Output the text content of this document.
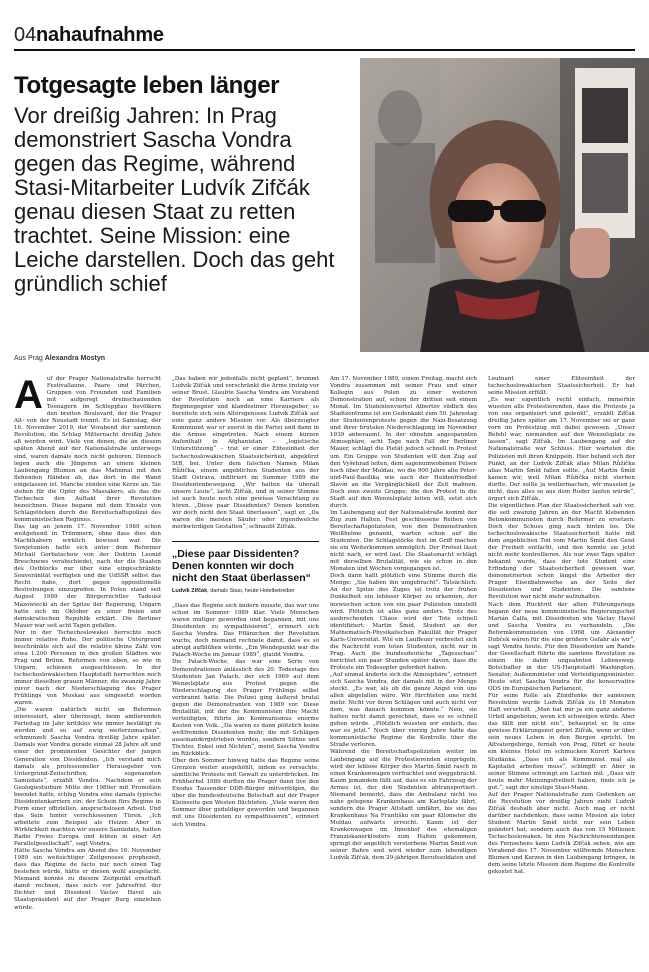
04 nahaufnahme
Totgesagte leben länger

Vor dreißig Jahren: In Prag demonstriert Sascha Vondra gegen das Regime, während Stasi-Mitarbeiter Ludvík Zifčák genau diesen Staat zu retten trachtet. Seine Mission: eine Leiche darstellen. Doch das geht gründlich schief

Aus Prag Alexandra Mostyn
A uf der Prager Nationalstraße herrscht Festivallaune. Paare und Pärchen, Gruppen von Freunden und Familien mit aufgeregt dreinschauenden Teenagern im Schlepptau bevölkern den breiten Boulevard, der die Prager Alt- von der Neustadt trennt. Es ist Samstag, der 16. November 2019, der Vorabend der samtenen Revolution, die Schlag Mitternacht dreißig Jahre alt werden wird. Viele von denen, die an diesem späten Abend auf der Nationalstraße unterwegs sind, waren damals noch nicht geboren. Dennoch legen auch die Jüngeren an einem kleinen Laubengang Blumen an das Mahnmal mit den flehenden Händen ab, das dort in die Wand eingelassen ist. Manche zünden eine Kerze an. Sie stehen für die Opfer des Massakers, als das die Tschechen den Auftakt ihrer Revolution bezeichnen. Diese begann mit dem Einsatz von Schlagstöcken durch die Bereitschaftspolizei des kommunistischen Regimes.

Das lag an jenem 17. November 1989 schon weitgehend in Trümmern, ohne dass dies den Machthabern wirklich bewusst war. Die Sowjetunion hatte sich unter dem Reformer Michail Gorbatschow von der Doktrin Leonid Breschnews verabschiedet, nach der die Staaten des Ostblocks nur über eine eingeschränkte Souveränität verfügten und die UdSSR selbst das Recht habe, dort gegen oppositionelle Bestrebungen einzugreifen. In Polen stand seit August 1989 der Bürgerrechtler Tadeusz Mazowiecki an der Spitze der Regierung, Ungarn hatte sich im Oktober zu einer freien und demokratischen Republik erklärt. Die Berliner Mauer war seit acht Tagen gefallen.

Nur in der Tschechoslowakei herrschte noch immer relative Ruhe. Der politische Untergrund beschränkte sich auf die relative kleine Zahl von etwa 1.200 Personen in den großen Städten wie Prag und Brünn. Reformen von oben, so wie in Ungarn, schienen ausgeschlossen. In der tschechoslowakischen Hauptstadt herrschten noch immer dieselben grauen Männer, die zwanzig Jahre zuvor nach der Niederschlagung des Prager Frühlings von Moskau aus eingesetzt worden waren.

„Die waren natürlich nicht an Reformen interessiert, aber überzeugt, beim amtierenden Parteitag im Jahr kritiklos wie immer bestätigt zu werden und so auf ewig weiterzumachen“, schmunzelt Sascha Vondra dreißig Jahre später. Damals war Vondra gerade einmal 28 Jahre alt und einer der prominenten Gesichter der jungen Generation von Dissidenten. „Ich verstand mich damals als professioneller Herausgeber von Untergrund-Zeitschriften, sogenannten Samizdats“, erzählt Vondra. Nachdem er sein Geologiestudium Mitte der 1980er mit Promotion beendet hatte, schlug Vondra eine damals typische Dissidentenkarriere ein: der Schein fürs Regime in Form einer offiziellen, anspruchslosen Arbeit. Und das Sein hinter verschlossenen Türen. „Ich arbeitete zum Beispiel als Heizer. Aber in Wirklichkeit machten wir unsere Samizdats, hatten Radio Freies Europa und lebten in einer Art Parallelgesellschaft“, sagt Vondra.

Hätte Sascha Vondra am Abend des 16. November 1989 ein weitsichtiger Zeitgenosse prophezeit, dass das Regime de facto nur noch einen Tag bestehen würde, hätte er diesen wohl ausgelacht. Niemand konnte zu diesem Zeitpunkt ernsthaft damit rechnen, dass noch vor Jahresfrist der Dichter und Dissident Václav Havel als Staatspräsident auf der Prager Burg einziehen würde.

„Das haben wir jedenfalls nicht geplant“, brummt Ludvík Zifčák und verschränkt die Arme trotzig vor seiner Brust. Glaubte Sascha Vondra am Vorabend der Revolution noch an eine Karriere als Regimegegner und klandestiner Herausgeber, so bereitete sich sein Altersgenosse Ludvík Zifčák auf eine ganz andere Mission vor. Als überzeugter Kommunist war er zuerst in die Partei und dann in die Armee eingetreten. Nach einem kurzen Aufenthalt in Afghanistan – „logistische Unterstützung“ – trat er einer Eliteeinheit der tschechoslowakischen Staatssicherheit, abgekürzt StB, bei. Unter dem falschen Namen Milan Růžička, einem angeblichen Studenten aus der Stadt Ostrava, infiltriert im Sommer 1989 die Dissidentenbewegung. „Wir hatten da überall unsere Leute“, lacht Zifčák, und in seiner Stimme ist auch heute noch eine gewisse Verachtung zu hören. „Diese paar Dissidenten? Denen konnten wir doch nicht den Staat überlassen“, sagt er. „Da waren die meisten Säufer oder irgendwelche merkwürdigen Gestalten“, schnaubt Zifčák.

„Diese paar Dissidenten? Denen konnten wir doch nicht den Staat überlassen“
Ludvík Zifčák, damals Stasi, heute Hotelbetreiber

„Dass das Regime sich ändern musste, das war uns schon im Sommer 1989 klar. Viele Menschen waren mutiger geworden und begannen, mit uns Dissidenten zu sympathisieren“, erinnert sich Sascha Vondra. Das Pflänzchen der Revolution wuchs, doch niemand rechnete damit, dass es so abrupt aufblühen würde. „Ein Wendepunkt war die Palach-Woche im Januar 1989“, glaubt Vondra.

Die Palach-Woche, das war eine Serie von Demonstrationen anlässlich des 20. Todestags des Studenten Jan Palach, der sich 1969 auf dem Wenzelsplatz aus Protest gegen die Niederschlagung des Prager Frühlings selbst verbrannt hatte. Die Polizei ging äußerst brutal gegen die Demonstranten von 1989 vor. Diese Brutalität, mit der die Kommunisten ihre Macht verteidigten, führte im Kommunismus enorme Kosten von Volk. „Da waren es dann plötzlich keine weltfremden Dissidenten mehr, die mit Schlägen auseinandergetrieben wurden, sondern Söhne und Töchter, Enkel und Nichten“, meint Sascha Vondra im Rückblick.

Über den Sommer hinweg hatte das Regime seine Grenzen weiter ausgehöhlt, indem es versuchte, sämtliche Proteste mit Gewalt zu unterdrücken. Im Frühherbst 1989 durften die Prager dann live den Exodus Tausender DDR-Bürger mitverfolgen, die über die bundesdeutsche Botschaft auf der Prager Kleinseite gen Westen flüchteten. „Viele waren den Sommer über geduldiger geworden und begannen mit uns Dissidenten zu sympathisieren“, erinnert sich Vondra.

Am 17. November 1989, einem Freitag, macht sich Vondra zusammen mit seiner Frau und einer Kollegin aus Polen zu einer weiteren Demonstration auf, schon der dritten seit einem Monat. Im Studentenviertel Albertov südlich des Stadtzentrums ist ein Gedenkakt zum 50. Jahrestag der Studentenproteste gegen die Nazi-Besatzung und ihrer brutalen Niederschlagung im November 1939 anberaumt. In der ohnehin angespannten Atmosphäre, acht Tage nach Fall der Berliner Mauer, schlägt die Pietät jedoch schnell in Protest um. Ein Gruppe von Studenten will den Zug auf den Vyšehrad leiten, dem sagenumwobenen Felsen hoch über der Moldau, wo die 900 Jahre alte Peter-und-Paul-Basilika wie auch der Heldenfriedhof Slavín an die Vergänglichkeit der Zeit mahnen. Doch eine zweite Gruppe, die den Protest in die Stadt auf den Wenzelsplatz leiten will, setzt sich durch.

Im Laubengang auf der Nationalstraße kommt der Zug zum Halten. Fest geschlossene Reihen von Bereitschaftspolizisten, von den Demonstranten Weißhelme genannt, warten schon auf die Studenten. Die Schlagstöcke fest im Griff machen sie ein Weiterkommen unmöglich. Der Protest lässt nicht nach, er wird laut. Die Staatsmacht schlägt mit derselben Brutalität, wie sie schon in den Monaten und Wochen vorgegangen ist.

Doch dann hallt plötzlich eine Stimme durch die Menge: „Sie haben ihn umgebracht“. Tatsächlich: An der Spitze des Zuges ist trotz der frühen Dunkelheit ein lebloser Körper zu erkennen, der inzwischen schon von ein paar Polizisten umstellt wird. Plötzlich ist alles ganz anders. Trotz des ausbrechenden Chaos wird der Tote schnell identifiziert: Martin Šmíd, Student an der Mathematisch-Physikalischen Fakultät der Prager Karls-Universität. Wie ein Lauffeuer verbreitet sich die Nachricht vom toten Studenten, nicht nur in Prag. Auch die bundesdeutsche „Tagesschau“ berichtet ein paar Stunden später davon, dass die Proteste ein Todesopfer gefordert haben.

„Auf einmal änderte sich die Atmosphäre“, erinnert sich Sascha Vondra, der damals mit in der Menge steckt. „Es war, als ob die ganze Angst von uns allen abgefallen wäre. Wir fürchteten uns nicht mehr. Nicht vor ihren Schlägen und auch nicht vor dem, was danach kommen könnte.“ Nein, sie hatten nicht damit gerechnet, dass es so schnell gehen würde. „Plötzlich wussten wir einfach, das war es jetzt.“ Noch über vierzig Jahre hatte das kommunistische Regime die Kontrolle über die Straße verloren.

Während die Bereitschaftspolizisten weiter im Laubengang auf die Protestierenden einprügeln, wird der leblose Körper des Martin Šmíd rasch in einen Krankenwagen verfrachtet und weggebracht. Kaum jemandem fällt auf, dass es ein Fahrzeug der Armee ist, der den Studenten abtransportiert. Niemand bemerkt, dass die Ambulanz nicht ins nahe gelegene Krankenhaus am Karlsplatz fährt, sondern die Prager Altstadt umfährt, bis sie das Krankenhaus Na Františku ein paar Kilometer die Moldau aufwärts erreicht. Kaum ist der Krankenwagen im Innenhof des ehemaligen Franziskanerklosters zum Halten gekommen, springt der angeblich verstorbene Martin Šmíd von seiner Bahre und wird wieder zum lebendigen Ludvík Zifčák, dem 29-jährigen Berufssoldaten und

Leutnant einer Eliteeinheit der tschechoslowakischen Staatssicherheit. Er hat seine Mission erfüllt.

„Es war eigentlich recht einfach, immerhin wussten alle Protestierenden, dass die Proteste ja von uns organisiert und gelenkt“, erzählt Zifčák dreißig Jahre später am 17. November sei er ganz vorn im Protestzug mit dabei gewesen. „Unser Befehl war, niemanden auf den Wenzelsplatz zu lassen“, sagt Zifčák. Im Laubengang auf der Nationalstraße war Schluss. Hier warteten die Polizisten mit ihren Knüppeln. Hier befand sich der Punkt, an der Ludvík Zifčák alias Milan Růžička alias Martin Šmíd fallen sollte. „Auf Martin Šmíd kamen wir, weil Milan Růžička nicht sterben durfte. Der sollte ja weitermachen, wir mussten ja nicht, dass alles so aus dem Ruder laufen würde“, ärgert sich Zifčák.

Die eigentlichen Plan der Staatssicherheit sah vor, die seit zwanzig Jahren an der Macht klebenden Betonkommunisten durch Reformer zu ersetzen. Doch der Schuss ging nach hinten los. Die tschechoslowakische Staatssicherheit hatte mit dem angeblichen Tod vom Martin Šmíd den Geist der Freiheit entfacht, und den konnte sie jetzt nicht mehr kontrollieren. Als nur zwei Tage später bekannt wurde, dass der tote Student eine Erfindung der Staatssicherheit gewesen war, demonstrierten schon längst die Arbeiter der Prager Eisenbahnwerke an der Seite der Dissidenten und Studenten. Die samtene Revolution war nicht mehr aufzuhalten.

Nach dem Rücktritt der alten Führungsriege begann der neue kommunistische Regierungschef Marián Čalfa, mit Dissidenten wie Václav Havel und Sascha Vondra zu verhandeln. „Die Reformkommunisten von 1968 um Alexander Dubček wären für die eine größere Gefahr als wir“, sagt Vondra heute. Für den Dissidenten am Rande der Gesellschaft führte die samtene Revolution zu einem bis dahin ungeahnten Lebensweg: Botschafter in der US-Hauptstadt Washington, Senator, Außenminister und Verteidigungsminister. Heute sitzt Sascha Vondra für die konservative ODS im Europäischen Parlament.

Für seine Rolle als Zündfunke der samtenen Revolution wurde Ludvík Zifčák zu 18 Monaten Haft verurteilt. „Man hat mir ja ein ganz anderes Urteil angeboten, wenn ich schweigen würde. Aber das fällt mir nicht ein“, behauptet er. In eine gewisse Erklärungsnot geriet Zifčák, wenn er über sein neues Leben in den Bergen spricht. Im Altvatergebirge, fernab von Prag, führt er heute ein kleines Hotel im schmucken Kurort Karlova Studánka. „Dass ich als Kommunist mal als Kapitalist arbeiten muss“, schimpft er. Aber in seiner Stimme schwingt ein Lachen mit. „Dass wir heute mehr Meinungsfreiheit haben, finde ich ja gut.“, sagt der einstige Stasi-Mann.

Auf der Prager Nationalstraße zum Gedenken an die Revolution vor dreißig Jahren zieht Ludvík Zifčák deshalb aber nicht. Auch mag er nicht darüber nachdenken, dass seine Mission als toter Student Martin Šmíd nicht nur sein Leben geändert hat, sondern auch das von 15 Millionen Tschechoslowaken. In den Nachrichtensendungen des Fernsehens kann Ludvík Zifčák sehen, wie am Vorabend des 17. November willfremde Menschen Blumen und Kerzen in den Laubengang bringen, in dem seine letzte Mission dem Regime die Kontrolle gekostet hat.
